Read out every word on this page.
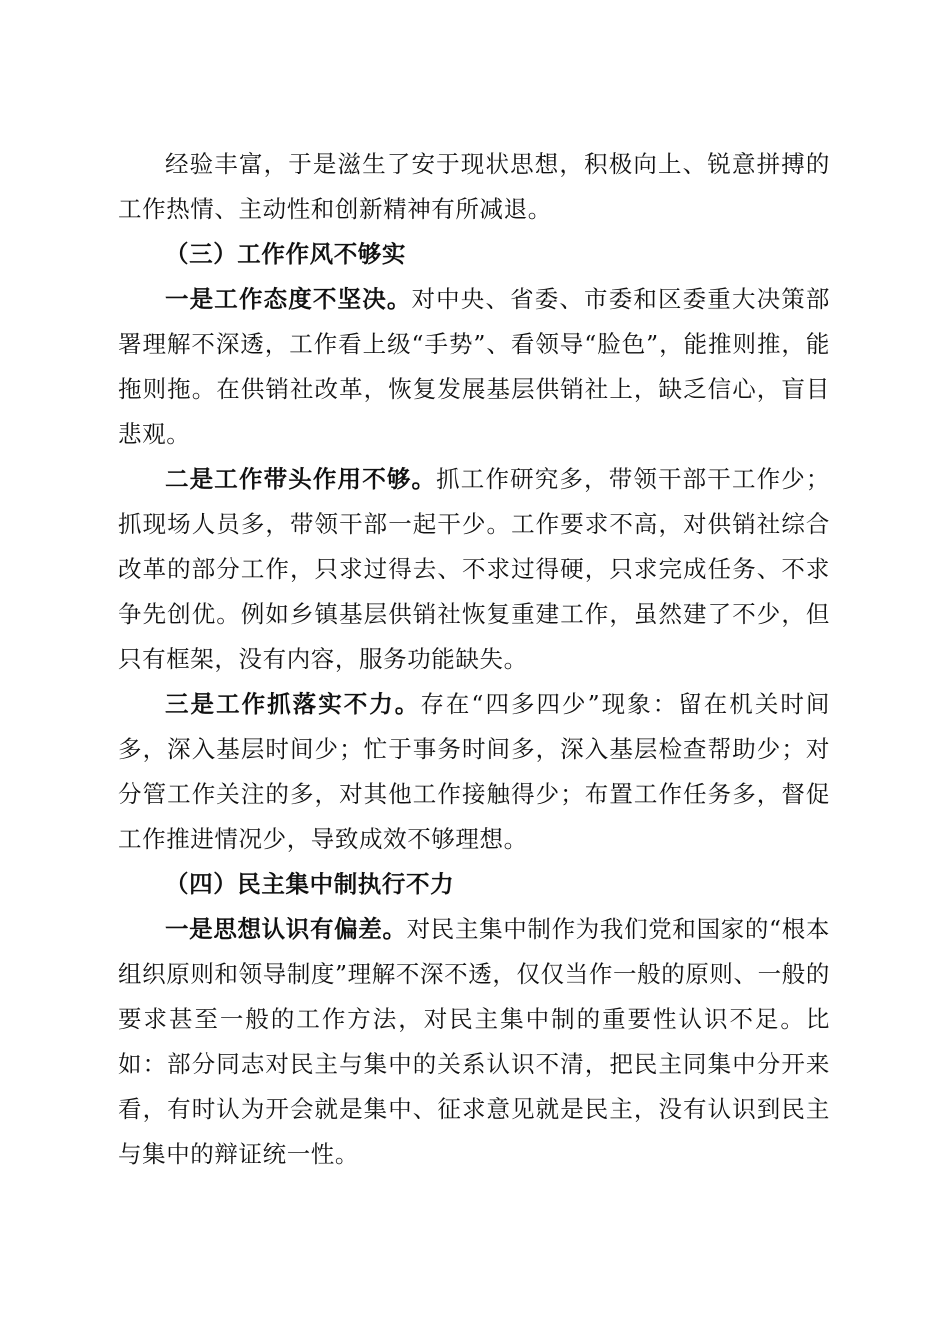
经验丰富，于是滋生了安于现状思想，积极向上、锐意拼搏的工作热情、主动性和创新精神有所减退。

（三）工作作风不够实

一是工作态度不坚决。对中央、省委、市委和区委重大决策部署理解不深透，工作看上级“手势”、看领导“脸色”，能推则推，能拖则拖。在供销社改革，恢复发展基层供销社上，缺乏信心，盲目悲观。

二是工作带头作用不够。抓工作研究多，带领干部干工作少；抓现场人员多，带领干部一起干少。工作要求不高，对供销社综合改革的部分工作，只求过得去、不求过得硬，只求完成任务、不求争先创优。例如乡镇基层供销社恢复重建工作，虽然建了不少，但只有框架，没有内容，服务功能缺失。

三是工作抓落实不力。存在“四多四少”现象：留在机关时间多，深入基层时间少；忙于事务时间多，深入基层检查帮助少；对分管工作关注的多，对其他工作接触得少；布置工作任务多，督促工作推进情况少，导致成效不够理想。

（四）民主集中制执行不力

一是思想认识有偏差。对民主集中制作为我们党和国家的“根本组织原则和领导制度”理解不深不透，仅仅当作一般的原则、一般的要求甚至一般的工作方法，对民主集中制的重要性认识不足。比如：部分同志对民主与集中的关系认识不清，把民主同集中分开来看，有时认为开会就是集中、征求意见就是民主，没有认识到民主与集中的辩证统一性。
